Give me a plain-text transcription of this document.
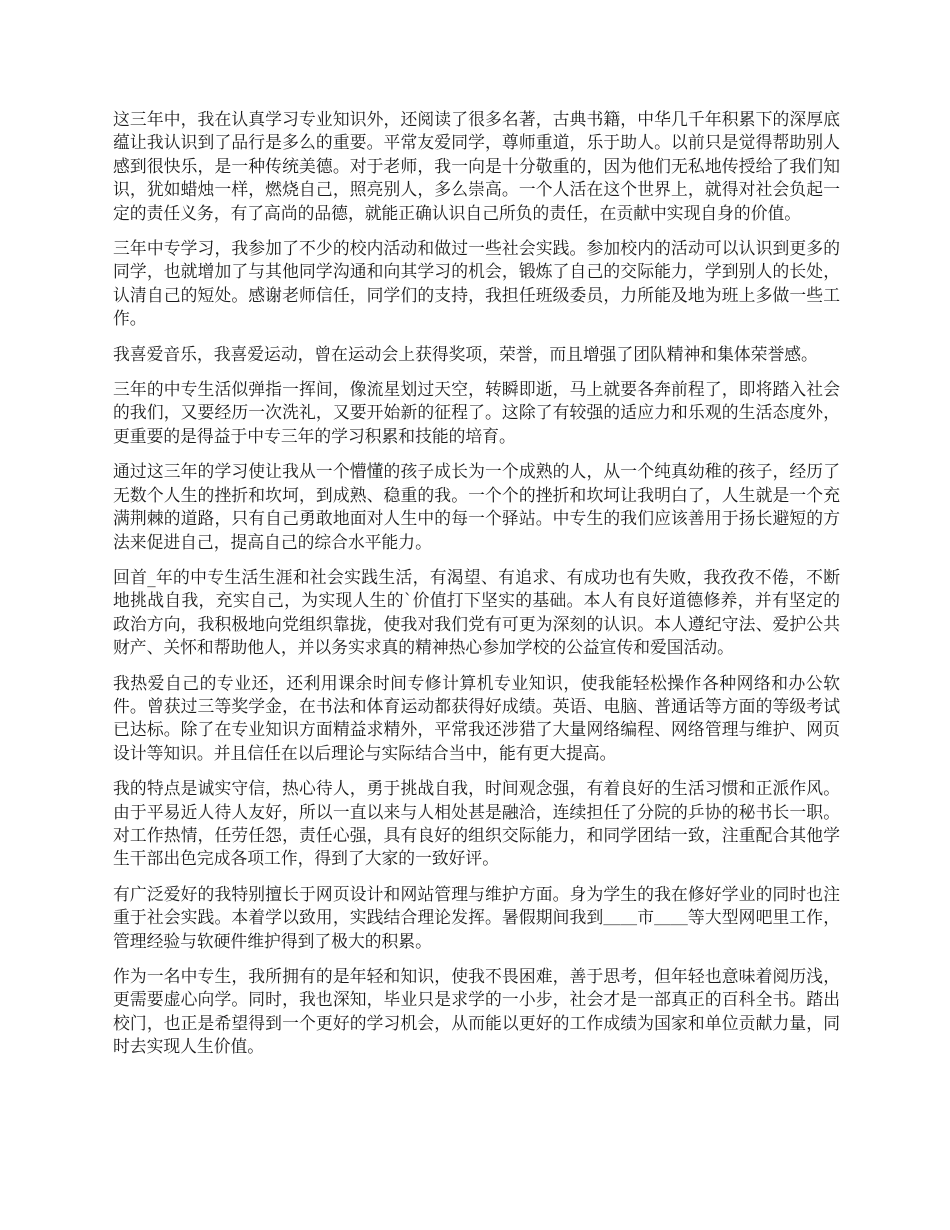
这三年中，我在认真学习专业知识外，还阅读了很多名著，古典书籍，中华几千年积累下的深厚底蕴让我认识到了品行是多么的重要。平常友爱同学，尊师重道，乐于助人。以前只是觉得帮助别人感到很快乐，是一种传统美德。对于老师，我一向是十分敬重的，因为他们无私地传授给了我们知识，犹如蜡烛一样，燃烧自己，照亮别人，多么崇高。一个人活在这个世界上，就得对社会负起一定的责任义务，有了高尚的品德，就能正确认识自己所负的责任，在贡献中实现自身的价值。

三年中专学习，我参加了不少的校内活动和做过一些社会实践。参加校内的活动可以认识到更多的同学，也就增加了与其他同学沟通和向其学习的机会，锻炼了自己的交际能力，学到别人的长处，认清自己的短处。感谢老师信任，同学们的支持，我担任班级委员，力所能及地为班上多做一些工作。

我喜爱音乐，我喜爱运动，曾在运动会上获得奖项，荣誉，而且增强了团队精神和集体荣誉感。

三年的中专生活似弹指一挥间，像流星划过天空，转瞬即逝，马上就要各奔前程了，即将踏入社会的我们，又要经历一次洗礼，又要开始新的征程了。这除了有较强的适应力和乐观的生活态度外，更重要的是得益于中专三年的学习积累和技能的培育。

通过这三年的学习使让我从一个懵懂的孩子成长为一个成熟的人，从一个纯真幼稚的孩子，经历了无数个人生的挫折和坎坷，到成熟、稳重的我。一个个的挫折和坎坷让我明白了，人生就是一个充满荆棘的道路，只有自己勇敢地面对人生中的每一个驿站。中专生的我们应该善用于扬长避短的方法来促进自己，提高自己的综合水平能力。

回首_年的中专生活生涯和社会实践生活，有渴望、有追求、有成功也有失败，我孜孜不倦，不断地挑战自我，充实自己，为实现人生的`价值打下坚实的基础。本人有良好道德修养，并有坚定的政治方向，我积极地向党组织靠拢，使我对我们党有可更为深刻的认识。本人遵纪守法、爱护公共财产、关怀和帮助他人，并以务实求真的精神热心参加学校的公益宣传和爱国活动。

我热爱自己的专业还，还利用课余时间专修计算机专业知识，使我能轻松操作各种网络和办公软件。曾获过三等奖学金，在书法和体育运动都获得好成绩。英语、电脑、普通话等方面的等级考试已达标。除了在专业知识方面精益求精外，平常我还涉猎了大量网络编程、网络管理与维护、网页设计等知识。并且信任在以后理论与实际结合当中，能有更大提高。

我的特点是诚实守信，热心待人，勇于挑战自我，时间观念强，有着良好的生活习惯和正派作风。由于平易近人待人友好，所以一直以来与人相处甚是融洽，连续担任了分院的乒协的秘书长一职。对工作热情，任劳任怨，责任心强，具有良好的组织交际能力，和同学团结一致，注重配合其他学生干部出色完成各项工作，得到了大家的一致好评。

有广泛爱好的我特别擅长于网页设计和网站管理与维护方面。身为学生的我在修好学业的同时也注重于社会实践。本着学以致用，实践结合理论发挥。暑假期间我到＿＿市＿＿等大型网吧里工作，管理经验与软硬件维护得到了极大的积累。

作为一名中专生，我所拥有的是年轻和知识，使我不畏困难，善于思考，但年轻也意味着阅历浅，更需要虚心向学。同时，我也深知，毕业只是求学的一小步，社会才是一部真正的百科全书。踏出校门，也正是希望得到一个更好的学习机会，从而能以更好的工作成绩为国家和单位贡献力量，同时去实现人生价值。
